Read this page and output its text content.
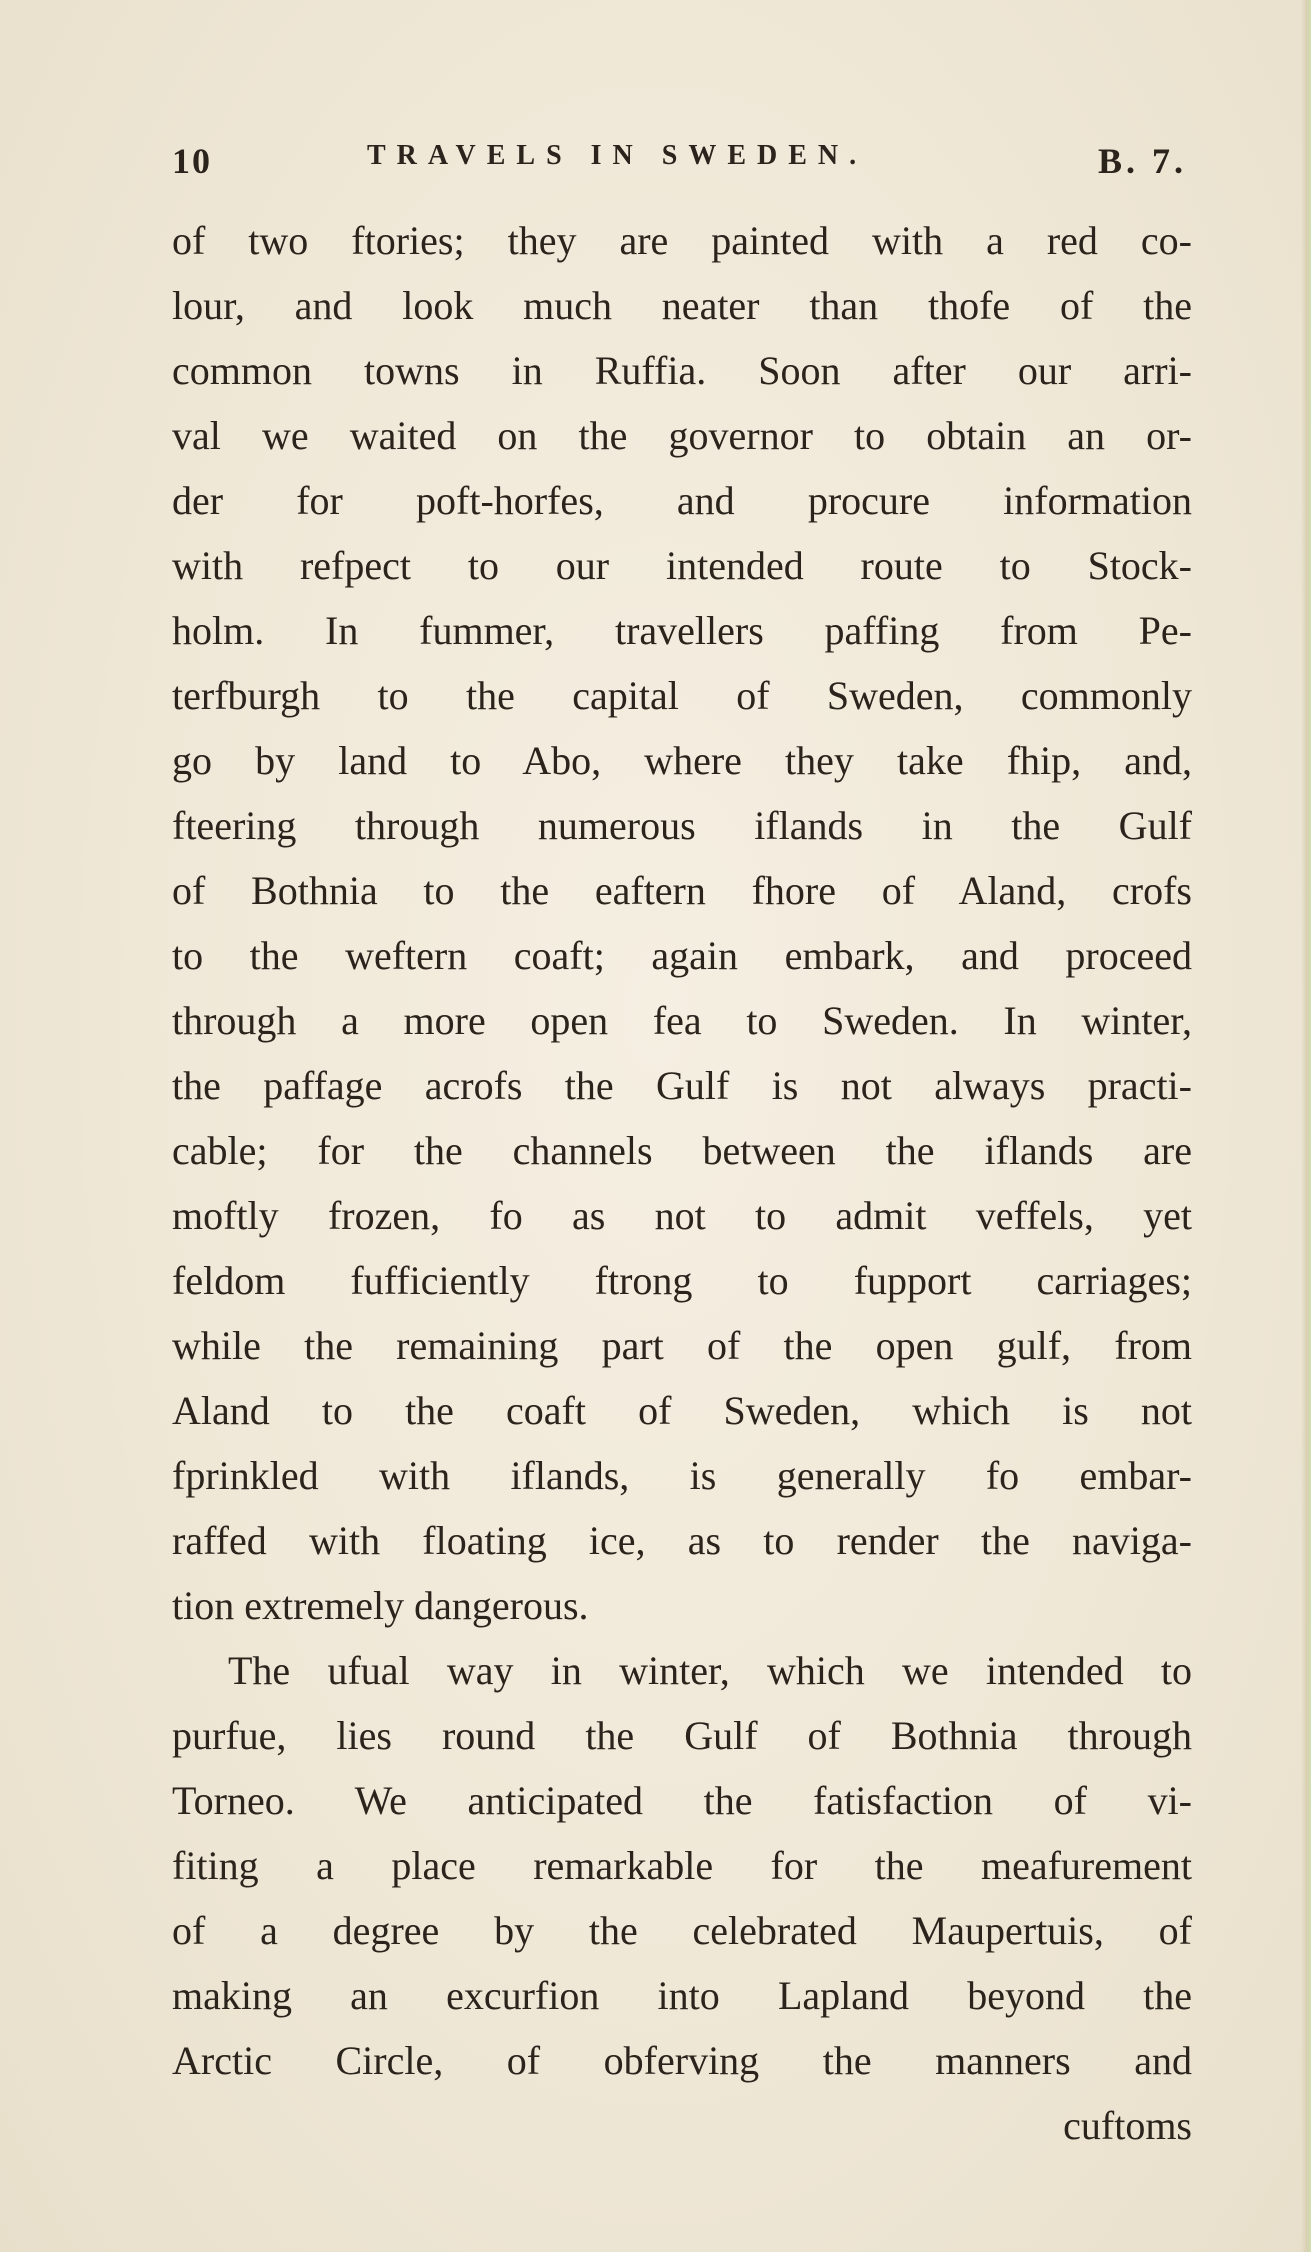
10	TRAVELS IN SWEDEN.	B. 7.
of two ftories; they are painted with a red co-
lour, and look much neater than thofe of the
common towns in Ruffia. Soon after our arri-
val we waited on the governor to obtain an or-
der for poft-horfes, and procure information
with refpect to our intended route to Stock-
holm. In fummer, travellers paffing from Pe-
terfburgh to the capital of Sweden, commonly
go by land to Abo, where they take fhip, and,
fteering through numerous iflands in the Gulf
of Bothnia to the eaftern fhore of Aland, crofs
to the weftern coaft; again embark, and proceed
through a more open fea to Sweden. In winter,
the paffage acrofs the Gulf is not always practi-
cable; for the channels between the iflands are
moftly frozen, fo as not to admit veffels, yet
feldom fufficiently ftrong to fupport carriages;
while the remaining part of the open gulf, from
Aland to the coaft of Sweden, which is not
fprinkled with iflands, is generally fo embar-
raffed with floating ice, as to render the naviga-
tion extremely dangerous.
The ufual way in winter, which we intended to
purfue, lies round the Gulf of Bothnia through
Torneo. We anticipated the fatisfaction of vi-
fiting a place remarkable for the meafurement
of a degree by the celebrated Maupertuis, of
making an excurfion into Lapland beyond the
Arctic Circle, of obferving the manners and
cuftoms
